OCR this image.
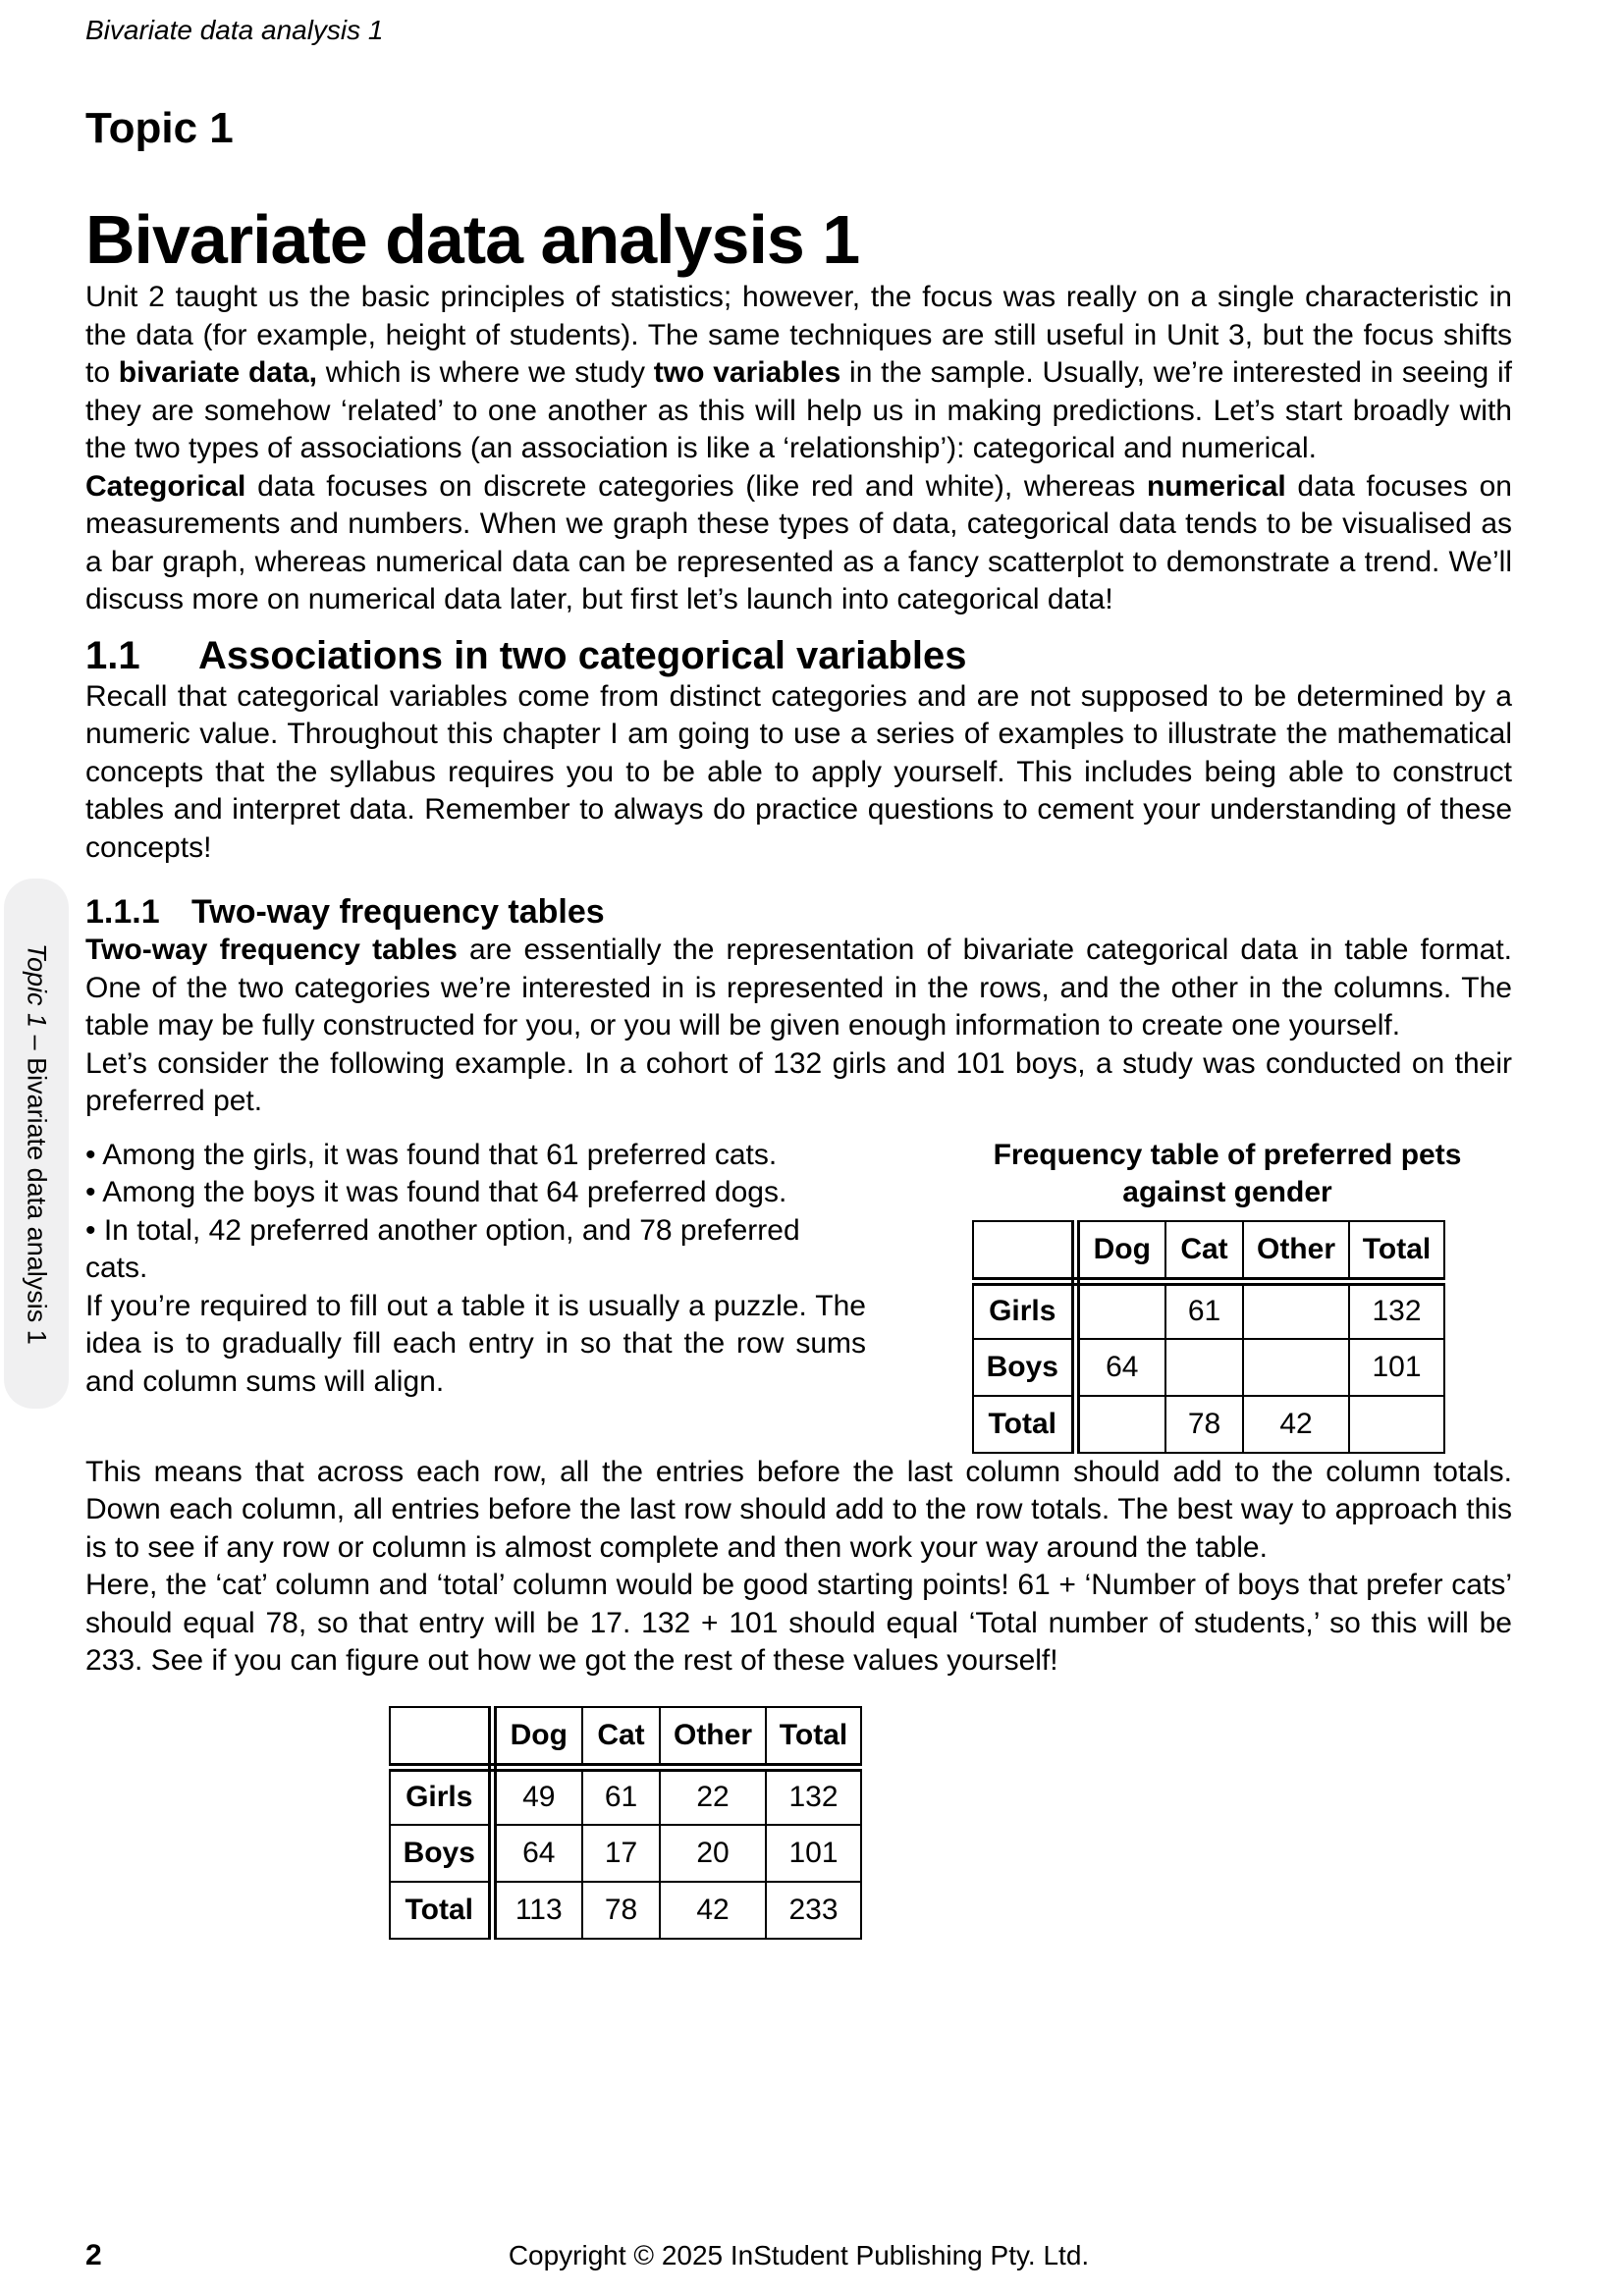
Bivariate data analysis 1
Topic 1
Bivariate data analysis 1

Unit 2 taught us the basic principles of statistics; however, the focus was really on a single characteristic in the data (for example, height of students). The same techniques are still useful in Unit 3, but the focus shifts to bivariate data, which is where we study two variables in the sample. Usually, we’re interested in seeing if they are somehow ‘related’ to one another as this will help us in making predictions. Let’s start broadly with the two types of associations (an association is like a ‘relationship’): categorical and numerical.

Categorical data focuses on discrete categories (like red and white), whereas numerical data focuses on measurements and numbers. When we graph these types of data, categorical data tends to be visualised as a bar graph, whereas numerical data can be represented as a fancy scatterplot to demonstrate a trend. We’ll discuss more on numerical data later, but first let’s launch into categorical data!

1.1 Associations in two categorical variables

Recall that categorical variables come from distinct categories and are not supposed to be determined by a numeric value. Throughout this chapter I am going to use a series of examples to illustrate the mathematical concepts that the syllabus requires you to be able to apply yourself. This includes being able to construct tables and interpret data. Remember to always do practice questions to cement your understanding of these concepts!

1.1.1 Two-way frequency tables

Two-way frequency tables are essentially the representation of bivariate categorical data in table format. One of the two categories we’re interested in is represented in the rows, and the other in the columns. The table may be fully constructed for you, or you will be given enough information to create one yourself.

Let’s consider the following example. In a cohort of 132 girls and 101 boys, a study was conducted on their preferred pet.

• Among the girls, it was found that 61 preferred cats.
• Among the boys it was found that 64 preferred dogs.
• In total, 42 preferred another option, and 78 preferred cats.

If you’re required to fill out a table it is usually a puzzle. The idea is to gradually fill each entry in so that the row sums and column sums will align.

Frequency table of preferred pets against gender
	Dog	Cat	Other	Total
Girls		61		132
Boys	64			101
Total		78	42	

This means that across each row, all the entries before the last column should add to the column totals. Down each column, all entries before the last row should add to the row totals. The best way to approach this is to see if any row or column is almost complete and then work your way around the table.

Here, the ‘cat’ column and ‘total’ column would be good starting points! 61 + ‘Number of boys that prefer cats’ should equal 78, so that entry will be 17. 132 + 101 should equal ‘Total number of students,’ so this will be 233. See if you can figure out how we got the rest of these values yourself!

	Dog	Cat	Other	Total
Girls	49	61	22	132
Boys	64	17	20	101
Total	113	78	42	233
Topic 1 – Bivariate data analysis 1
2	Copyright © 2025 InStudent Publishing Pty. Ltd.
